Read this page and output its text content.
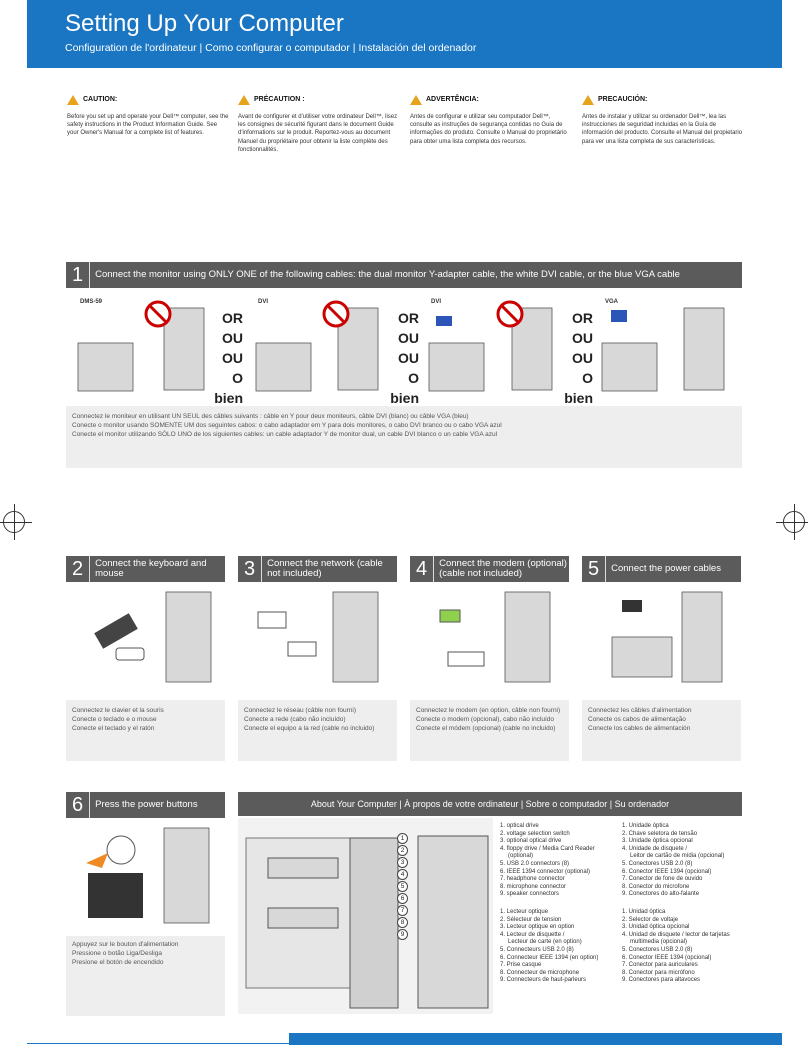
Setting Up Your Computer
Configuration de l'ordinateur | Como configurar o computador | Instalación del ordenador
CAUTION:

Before you set up and operate your Dell™ computer, see the safety instructions in the Product Information Guide. See your Owner's Manual for a complete list of features.

PRÉCAUTION :

Avant de configurer et d'utiliser votre ordinateur Dell™, lisez les consignes de sécurité figurant dans le document Guide d'informations sur le produit. Reportez-vous au document Manuel du propriétaire pour obtenir la liste complète des fonctionnalités.

ADVERTÊNCIA:

Antes de configurar e utilizar seu computador Dell™, consulte as instruções de segurança contidas no Guia de informações do produto. Consulte o Manual do proprietário para obter uma lista completa dos recursos.

PRECAUCIÓN:

Antes de instalar y utilizar su ordenador Dell™, lea las instrucciones de seguridad incluidas en la Guía de información del producto. Consulte el Manual del propietario para ver una lista completa de sus características.

1	Connect the monitor using ONLY ONE of the following cables: the dual monitor Y-adapter cable, the white DVI cable, or the blue VGA cable
DMS-59	DVI	DVI	VGA
OR
OU
OU
O bien
OR
OU
OU
O bien
OR
OU
OU
O bien
Connectez le moniteur en utilisant UN SEUL des câbles suivants : câble en Y pour deux moniteurs, câble DVI (blanc) ou câble VGA (bleu)
Conecte o monitor usando SOMENTE UM dos seguintes cabos: o cabo adaptador em Y para dois monitores, o cabo DVI branco ou o cabo VGA azul
Conecte el monitor utilizando SÓLO UNO de los siguientes cables: un cable adaptador Y de monitor dual, un cable DVI blanco o un cable VGA azul
2	Connect the keyboard and mouse
Connectez le clavier et la souris
Conecte o teclado e o mouse
Conecte el teclado y el ratón
3	Connect the network (cable not included)
Connectez le réseau (câble non fourni)
Conecte a rede (cabo não incluído)
Conecte el equipo a la red (cable no incluido)
4	Connect the modem (optional) (cable not included)
Connectez le modem (en option, câble non fourni)
Conecte o modem (opcional), cabo não incluído
Conecte el módem (opcional) (cable no incluido)
5	Connect the power cables
Connectez les câbles d'alimentation
Conecte os cabos de alimentação
Conecte los cables de alimentación
6	Press the power buttons
Appuyez sur le bouton d'alimentation
Pressione o botão Liga/Desliga
Presione el botón de encendido
About Your Computer | À propos de votre ordinateur | Sobre o computador | Su ordenador
1
2
3
4
5
6
7
8
9
1. optical drive
2. voltage selection switch
3. optional optical drive
4. floppy drive / Media Card Reader
(optional)
5. USB 2.0 connectors (8)
6. IEEE 1394 connector (optional)
7. headphone connector
8. microphone connector
9. speaker connectors
1. Lecteur optique
2. Sélecteur de tension
3. Lecteur optique en option
4. Lecteur de disquette /
Lecteur de carte (en option)
5. Connecteurs USB 2.0 (8)
6. Connecteur IEEE 1394 (en option)
7. Prise casque
8. Connecteur de microphone
9. Connecteurs de haut-parleurs
1. Unidade óptica
2. Chave seletora de tensão
3. Unidade óptica opcional
4. Unidade de disquete /
Leitor de cartão de mídia (opcional)
5. Conectores USB 2.0 (8)
6. Conector IEEE 1394 (opcional)
7. Conector de fone de ouvido
8. Conector do microfone
9. Conectores do alto-falante
1. Unidad óptica
2. Selector de voltaje
3. Unidad óptica opcional
4. Unidad de disquete / lector de tarjetas
multimedia (opcional)
5. Conectores USB 2.0 (8)
6. Conector IEEE 1394 (opcional)
7. Conector para auriculares
8. Conector para micrófono
9. Conectores para altavoces
